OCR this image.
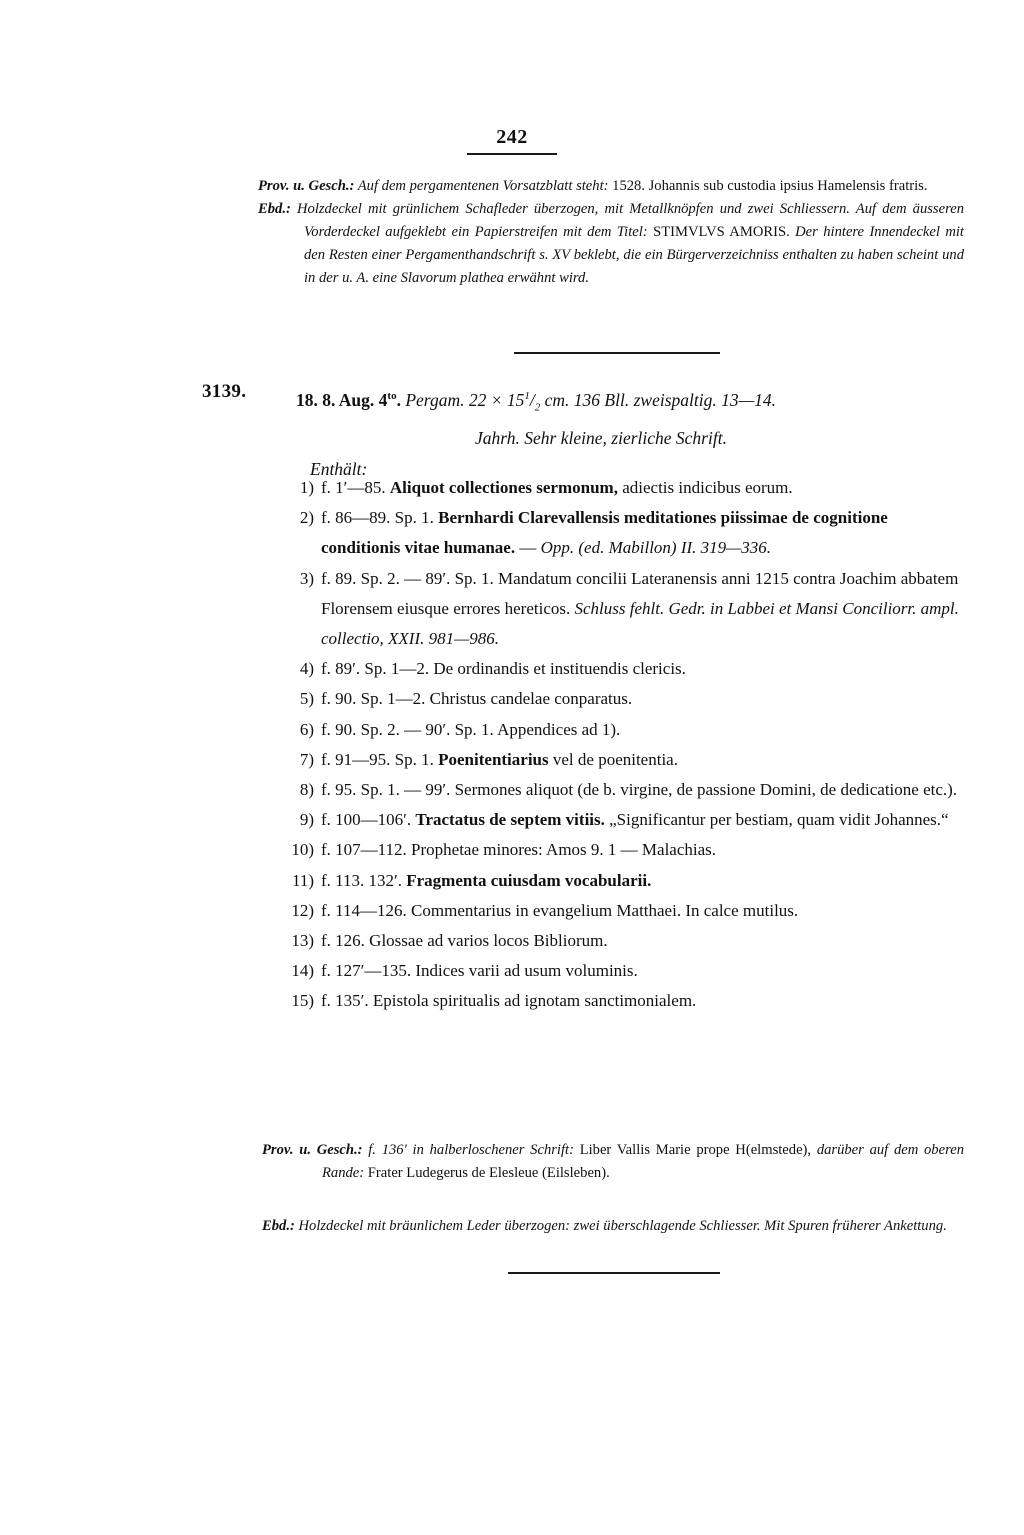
242

Prov. u. Gesch.: Auf dem pergamentenen Vorsatzblatt steht: 1528. Johannis sub custodia ipsius Hamelensis fratris.

Ebd.: Holzdeckel mit grünlichem Schafleder überzogen, mit Metallknöpfen und zwei Schliessern. Auf dem äusseren Vorderdeckel aufgeklebt ein Papierstreifen mit dem Titel: STIMVLVS AMORIS. Der hintere Innendeckel mit den Resten einer Pergamenthandschrift s. XV beklebt, die ein Bürgerverzeichniss enthalten zu haben scheint und in der u. A. eine Slavorum plathea erwähnt wird.

3139.	18. 8. Aug. $4^{to}$. Pergam. $22 \times 15^1/_2$ cm. 136 Bll. zweispaltig. 13—14.
Jahrh. Sehr kleine, zierliche Schrift.
Enthält:
1) f. 1′—85. Aliquot collectiones sermonum, adiectis indicibus eorum.
2) f. 86—89. Sp. 1. Bernhardi Clarevallensis meditationes piissimae de cognitione conditionis vitae humanae. — Opp. (ed. Mabillon) II. 319—336.
3) f. 89. Sp. 2. — 89′. Sp. 1. Mandatum concilii Lateranensis anni 1215 contra Joachim abbatem Florensem eiusque errores hereticos. Schluss fehlt. Gedr. in Labbei et Mansi Conciliorr. ampl. collectio, XXII. 981—986.
4) f. 89′. Sp. 1—2. De ordinandis et instituendis clericis.
5) f. 90. Sp. 1—2. Christus candelae conparatus.
6) f. 90. Sp. 2. — 90′. Sp. 1. Appendices ad 1).
7) f. 91—95. Sp. 1. Poenitentiarius vel de poenitentia.
8) f. 95. Sp. 1. — 99′. Sermones aliquot (de b. virgine, de passione Domini, de dedicatione etc.).
9) f. 100—106′. Tractatus de septem vitiis. „Significantur per bestiam, quam vidit Johannes.“
10) f. 107—112. Prophetae minores: Amos 9. 1 — Malachias.
11) f. 113. 132′. Fragmenta cuiusdam vocabularii.
12) f. 114—126. Commentarius in evangelium Matthaei. In calce mutilus.
13) f. 126. Glossae ad varios locos Bibliorum.
14) f. 127′—135. Indices varii ad usum voluminis.
15) f. 135′. Epistola spiritualis ad ignotam sanctimonialem.

Prov. u. Gesch.: f. 136′ in halberloschener Schrift: Liber Vallis Marie prope H(elmstede), darüber auf dem oberen Rande: Frater Ludegerus de Elesleue (Eilsleben).

Ebd.: Holzdeckel mit bräunlichem Leder überzogen: zwei überschlagende Schliesser. Mit Spuren früherer Ankettung.
